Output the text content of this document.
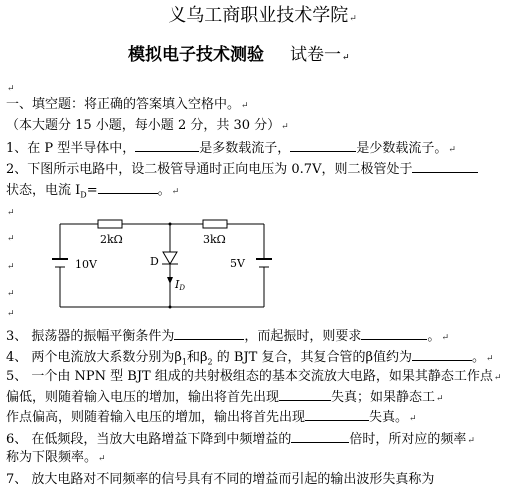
义乌工商职业技术学院↵
模拟电子技术测验 试卷一↵
↵
一、填空题：将正确的答案填入空格中。↵
（本大题分 15 小题，每小题 2 分，共 30 分）↵
1、在 P 型半导体中，	是多数载流子，	是少数载流子。↵
2、下图所示电路中，设二极管导通时正向电压为 0.7V，则二极管处于
状态，电流 $I_D=$	。↵
↵
↵
↵
↵
↵
2kΩ	3kΩ
10V	5V
D
ID
3、 振荡器的振幅平衡条件为	，而起振时，则要求	。↵
4、 两个电流放大系数分别为$\beta_1$和$\beta_2$ 的 BJT 复合，其复合管的β值约为	。↵
5、 一个由 NPN 型 BJT 组成的共射极组态的基本交流放大电路，如果其静态工作点↵
偏低，则随着输入电压的增加，输出将首先出现	失真；如果静态工↵
作点偏高，则随着输入电压的增加，输出将首先出现	失真。↵
6、 在低频段，当放大电路增益下降到中频增益的	倍时，所对应的频率↵
称为下限频率。↵
7、 放大电路对不同频率的信号具有不同的增益而引起的输出波形失真称为
